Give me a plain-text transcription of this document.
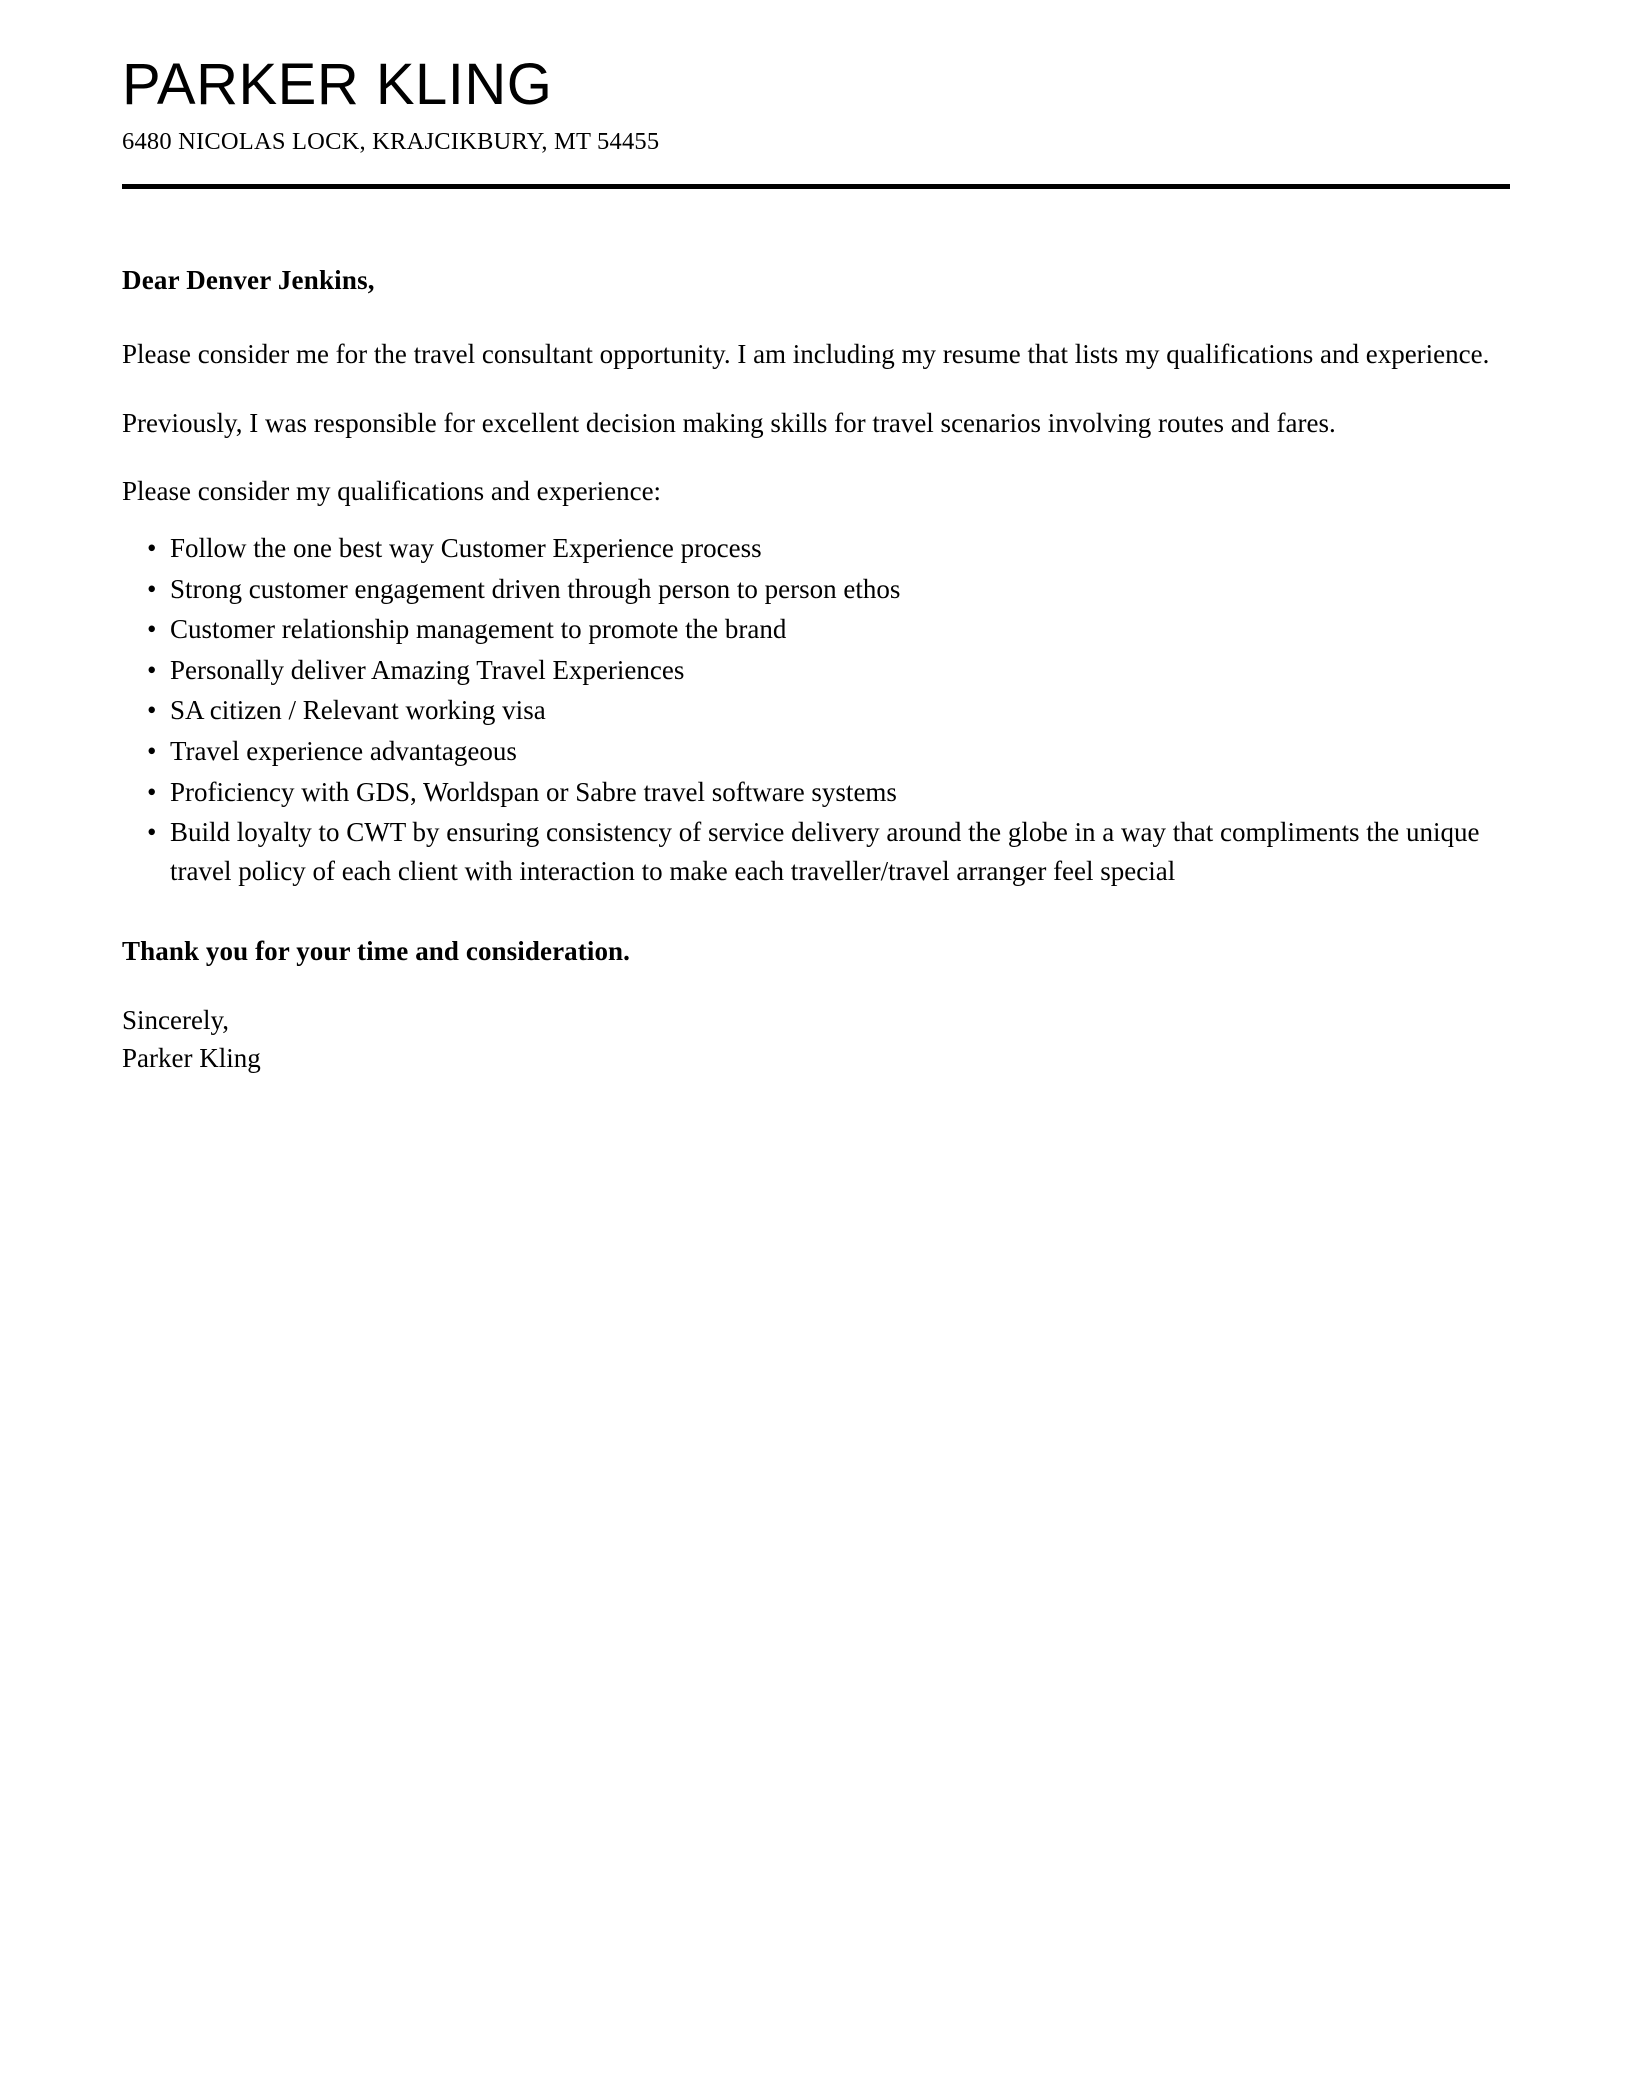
PARKER KLING
6480 NICOLAS LOCK, KRAJCIKBURY, MT 54455
Dear Denver Jenkins,

Please consider me for the travel consultant opportunity. I am including my resume that lists my qualifications and experience.

Previously, I was responsible for excellent decision making skills for travel scenarios involving routes and fares.

Please consider my qualifications and experience:

• Follow the one best way Customer Experience process
• Strong customer engagement driven through person to person ethos
• Customer relationship management to promote the brand
• Personally deliver Amazing Travel Experiences
• SA citizen / Relevant working visa
• Travel experience advantageous
• Proficiency with GDS, Worldspan or Sabre travel software systems
• Build loyalty to CWT by ensuring consistency of service delivery around the globe in a way that compliments the unique travel policy of each client with interaction to make each traveller/travel arranger feel special
Thank you for your time and consideration.
Sincerely,
Parker Kling
